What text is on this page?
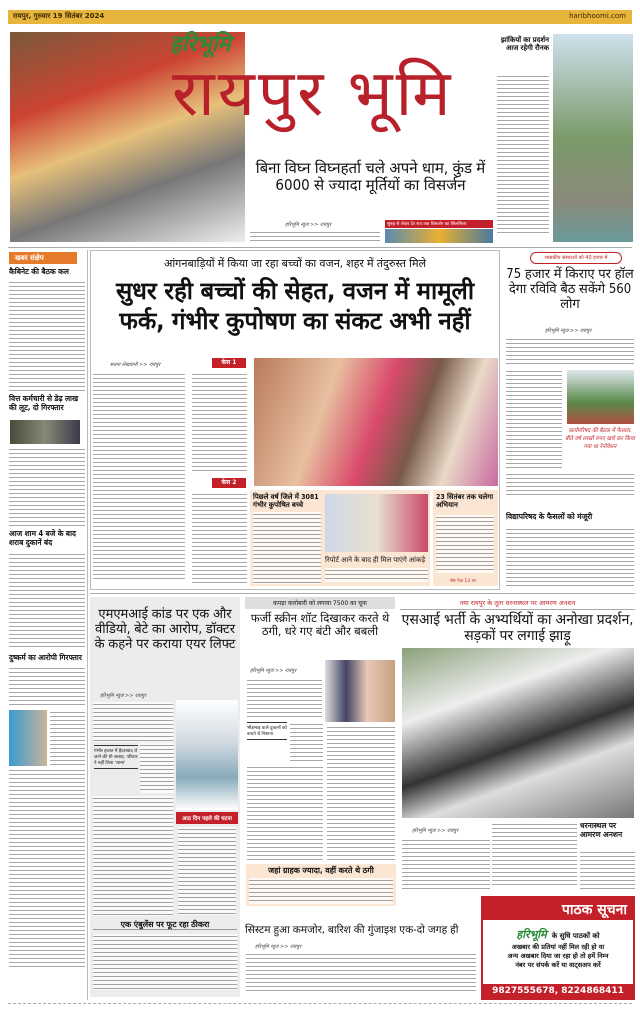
रायपुर, गुरुवार 19 सितंबर 2024	haribhoomi.com
हरिभूमि
रायपुर भूमि
बिना विघ्न विघ्नहर्ता चले अपने धाम, कुंड में 6000 से ज्यादा मूर्तियों का विसर्जन
हरिभूमि न्यूज >> रायपुर	सुबह से लेकर देर रात तक विसर्जन का सिलसिला
झांकियों का प्रदर्शन आज रहेगी रौनक
खबर संक्षेप
कैबिनेट की बैठक कल
वित्त कर्मचारी से डेढ़ लाख की लूट, दो गिरफ्तार
आज शाम 4 बजे के बाद शराब दुकानें बंद
दुष्कर्म का आरोपी गिरफ्तार
आंगनबाड़ियों में किया जा रहा बच्चों का वजन, शहर में तंदुरुस्त मिले
सुधर रही बच्चों की सेहत, वजन में मामूली फर्क, गंभीर कुपोषण का संकट अभी नहीं
सतना लेखवानी >> रायपुर	केस 1
केस 2
पिछले वर्ष जिले में 3081 गंभीर कुपोषित बच्चे
रिपोर्ट आने के बाद ही मिल पाएंगे आंकड़े
23 सितंबर तक चलेगा अभियान
शेष पेज 13 पर
शासकीय संस्थाओं को 40 हजार में
75 हजार में किराए पर हॉल देगा रविवि बैठ सकेंगे 560 लोग
हरिभूमि न्यूज >> रायपुर
कार्यपरिषद की बैठक में फैसला, बीते वर्ष लाखों रुपए खर्च कर किया गया था रेनोवेशन
विद्यापरिषद के फैसलों को मंजूरी
एमएमआई कांड पर एक और वीडियो, बेटे का आरोप, डॉक्टर के कहने पर कराया एयर लिफ्ट
हरिभूमि न्यूज >> रायपुर
गंभीर हालत में हैदराबाद ले जाने की थी सलाह, परिवार ने नहीं लिया 'लामा'
आठ दिन पहले की घटना
एक एंबुलेंस पर फूट रहा ठीकरा
कपड़ा कारोबारी को लगाया 7500 का चूना
फर्जी स्क्रीन शॉट दिखाकर करते थे ठगी, धरे गए बंटी और बबली
हरिभूमि न्यूज >> रायपुर
भीड़भाड़ वाले दुकानों को बनाते थे निशाना
जहां ग्राहक ज्यादा, वहीं करते थे ठगी
नया रायपुर के तूता धरनास्थल पर आमरण अनशन
एसआई भर्ती के अभ्यर्थियों का अनोखा प्रदर्शन, सड़कों पर लगाई झाड़ू
हरिभूमि न्यूज >> रायपुर
धरनास्थल पर आमरण अनशन
सिस्टम हुआ कमजोर, बारिश की गुंजाइश एक-दो जगह ही
हरिभूमि न्यूज >> रायपुर
पाठक सूचना
हरिभूमि के सुधि पाठकों को
अखबार की प्रतियां नहीं मिल रही हो या
अन्य अखबार दिया जा रहा हो तो हमें निम्न
नंबर पर संपर्क करें या वाट्सअप करें
9827555678, 8224868411
